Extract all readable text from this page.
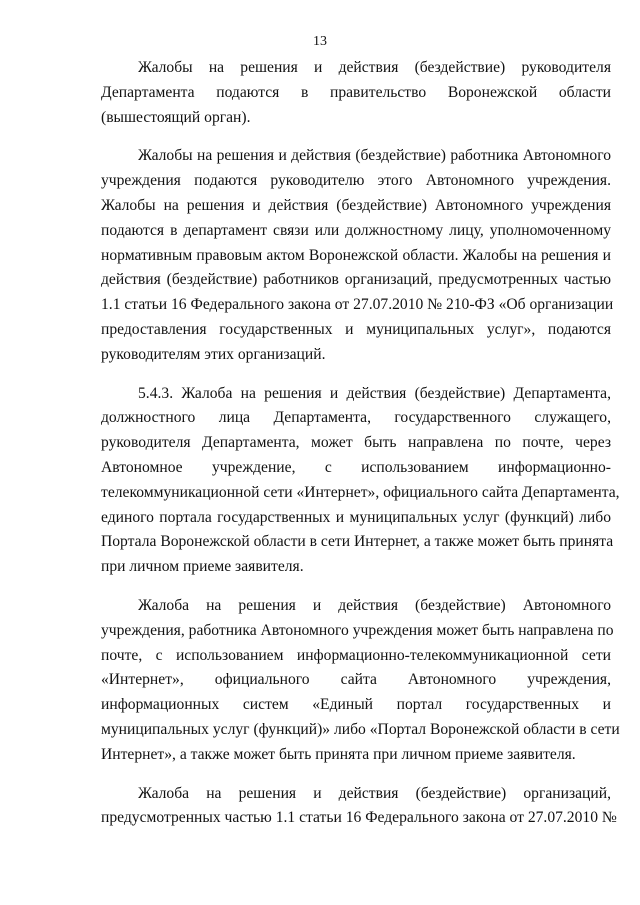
13
Жалобы на решения и действия (бездействие) руководителя
Департамента подаются в правительство Воронежской области
(вышестоящий орган).
Жалобы на решения и действия (бездействие) работника Автономного
учреждения подаются руководителю этого Автономного учреждения.
Жалобы на решения и действия (бездействие) Автономного учреждения
подаются в департамент связи или должностному лицу, уполномоченному
нормативным правовым актом Воронежской области. Жалобы на решения и
действия (бездействие) работников организаций, предусмотренных частью
1.1 статьи 16 Федерального закона от 27.07.2010 № 210-ФЗ «Об организации
предоставления государственных и муниципальных услуг», подаются
руководителям этих организаций.
5.4.3. Жалоба на решения и действия (бездействие) Департамента,
должностного лица Департамента, государственного служащего,
руководителя Департамента, может быть направлена по почте, через
Автономное учреждение, с использованием информационно-
телекоммуникационной сети «Интернет», официального сайта Департамента,
единого портала государственных и муниципальных услуг (функций) либо
Портала Воронежской области в сети Интернет, а также может быть принята
при личном приеме заявителя.
Жалоба на решения и действия (бездействие) Автономного
учреждения, работника Автономного учреждения может быть направлена по
почте, с использованием информационно-телекоммуникационной сети
«Интернет», официального сайта Автономного учреждения,
информационных систем «Единый портал государственных и
муниципальных услуг (функций)» либо «Портал Воронежской области в сети
Интернет», а также может быть принята при личном приеме заявителя.
Жалоба на решения и действия (бездействие) организаций,
предусмотренных частью 1.1 статьи 16 Федерального закона от 27.07.2010 №
